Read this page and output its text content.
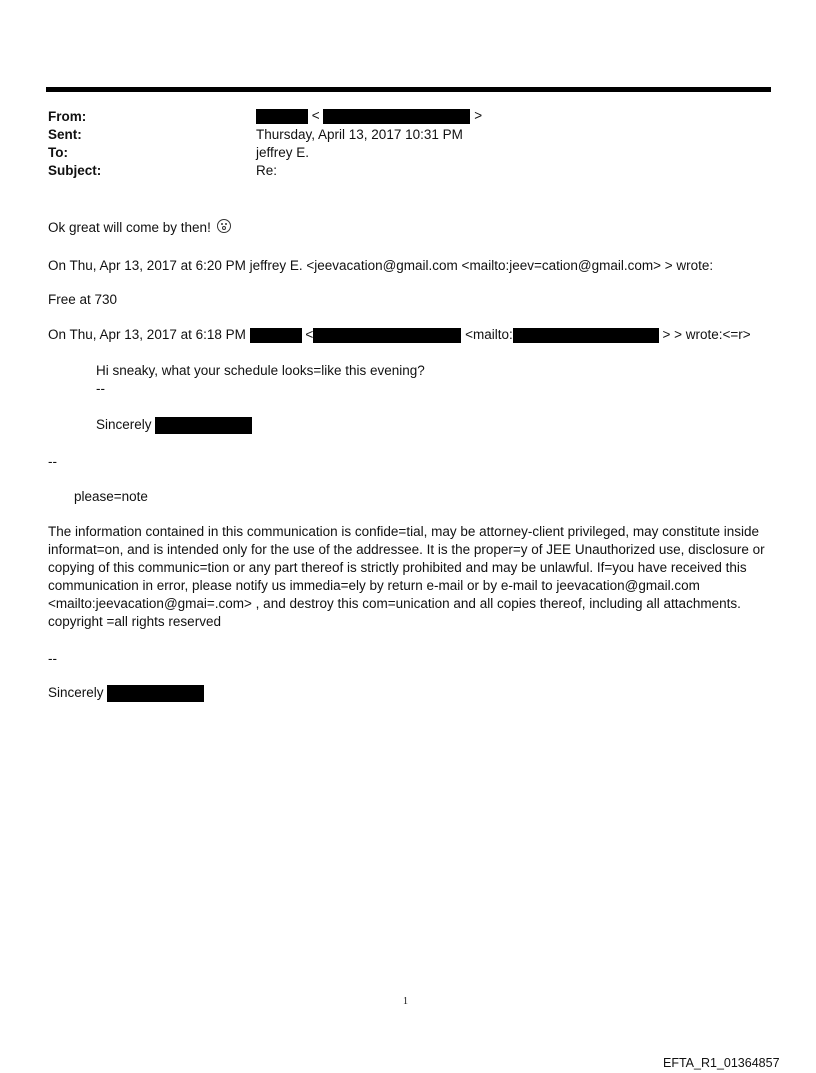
From:	<	>
Sent:	Thursday, April 13, 2017 10:31 PM
To:	jeffrey E.
Subject:	Re:
Ok great will come by then!
On Thu, Apr 13, 2017 at 6:20 PM jeffrey E. <jeevacation@gmail.com <mailto:jeev=cation@gmail.com> > wrote:
Free at 730
On Thu, Apr 13, 2017 at 6:18 PM	<	<mailto:	> > wrote:<=r>
Hi sneaky, what your schedule looks=like this evening?
--
Sincerely
--
please=note
The information contained in this communication is confide=tial, may be attorney-client privileged, may constitute inside informat=on, and is intended only for the use of the addressee. It is the proper=y of JEE Unauthorized use, disclosure or copying of this communic=tion or any part thereof is strictly prohibited and may be unlawful. If=you have received this communication in error, please notify us immedia=ely by return e-mail or by e-mail to jeevacation@gmail.com <mailto:jeevacation@gmai=.com> , and destroy this com=unication and all copies thereof, including all attachments. copyright =all rights reserved
--
Sincerely
1
EFTA_R1_01364857
